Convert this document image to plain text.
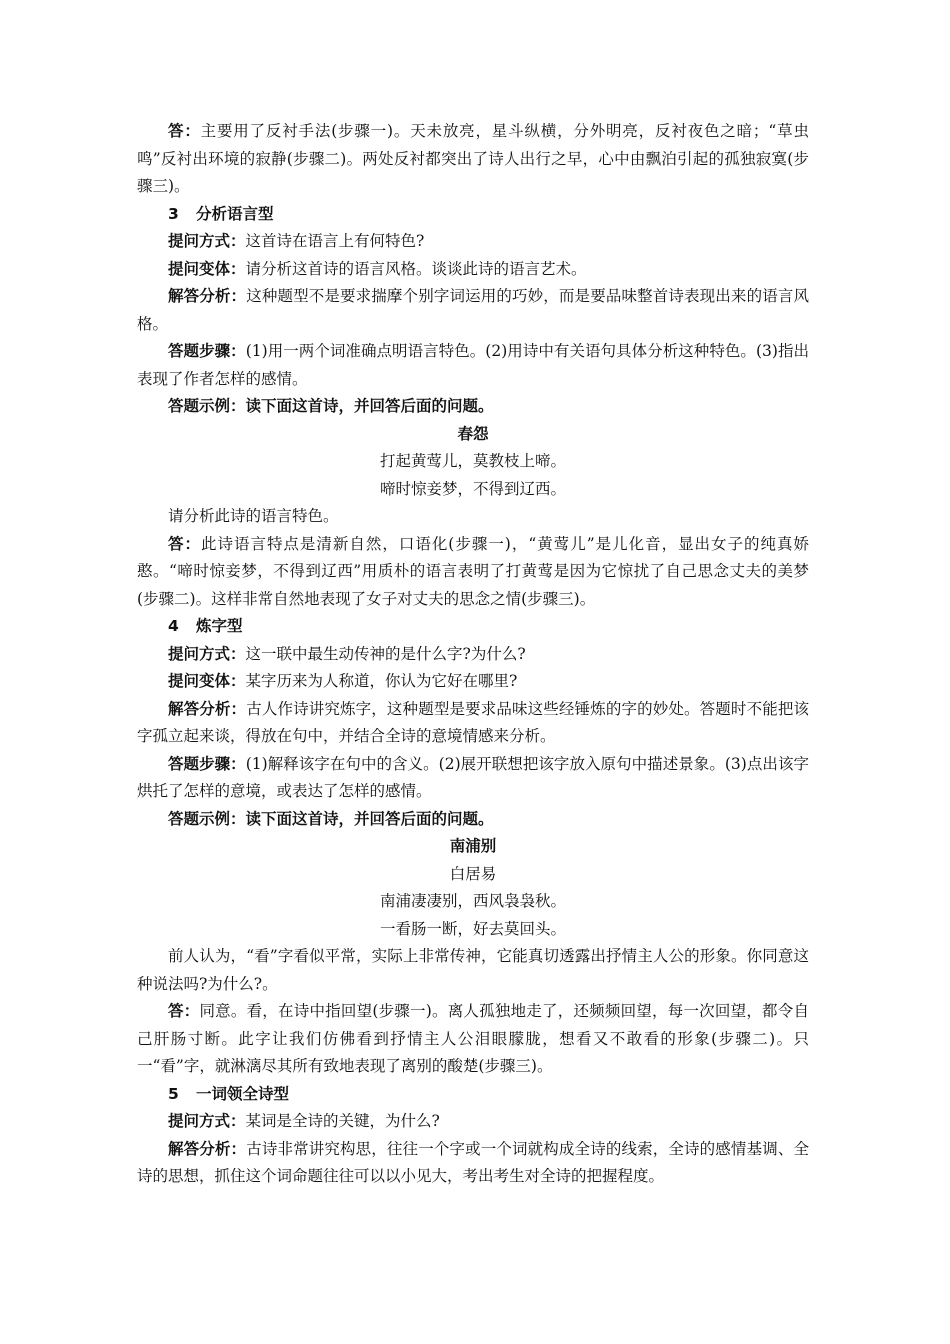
答：主要用了反衬手法(步骤一)。天未放亮，星斗纵横，分外明亮，反衬夜色之暗；“草虫鸣”反衬出环境的寂静(步骤二)。两处反衬都突出了诗人出行之早，心中由飘泊引起的孤独寂寞(步骤三)。

3 分析语言型

提问方式：这首诗在语言上有何特色?

提问变体：请分析这首诗的语言风格。谈谈此诗的语言艺术。

解答分析：这种题型不是要求揣摩个别字词运用的巧妙，而是要品味整首诗表现出来的语言风格。

答题步骤：(1)用一两个词准确点明语言特色。(2)用诗中有关语句具体分析这种特色。(3)指出表现了作者怎样的感情。

答题示例：读下面这首诗，并回答后面的问题。

春怨

打起黄莺儿，莫教枝上啼。

啼时惊妾梦，不得到辽西。

请分析此诗的语言特色。

答：此诗语言特点是清新自然，口语化(步骤一)，“黄莺儿”是儿化音，显出女子的纯真娇憨。“啼时惊妾梦，不得到辽西”用质朴的语言表明了打黄莺是因为它惊扰了自己思念丈夫的美梦(步骤二)。这样非常自然地表现了女子对丈夫的思念之情(步骤三)。

4 炼字型

提问方式：这一联中最生动传神的是什么字?为什么?

提问变体：某字历来为人称道，你认为它好在哪里?

解答分析：古人作诗讲究炼字，这种题型是要求品味这些经锤炼的字的妙处。答题时不能把该字孤立起来谈，得放在句中，并结合全诗的意境情感来分析。

答题步骤：(1)解释该字在句中的含义。(2)展开联想把该字放入原句中描述景象。(3)点出该字烘托了怎样的意境，或表达了怎样的感情。

答题示例：读下面这首诗，并回答后面的问题。

南浦别

白居易

南浦凄凄别，西风袅袅秋。

一看肠一断，好去莫回头。

前人认为，“看”字看似平常，实际上非常传神，它能真切透露出抒情主人公的形象。你同意这种说法吗?为什么?。

答：同意。看，在诗中指回望(步骤一)。离人孤独地走了，还频频回望，每一次回望，都令自己肝肠寸断。此字让我们仿佛看到抒情主人公泪眼朦胧，想看又不敢看的形象(步骤二)。只一“看”字，就淋漓尽其所有致地表现了离别的酸楚(步骤三)。

5 一词领全诗型

提问方式：某词是全诗的关键，为什么?

解答分析：古诗非常讲究构思，往往一个字或一个词就构成全诗的线索，全诗的感情基调、全诗的思想，抓住这个词命题往往可以以小见大，考出考生对全诗的把握程度。
